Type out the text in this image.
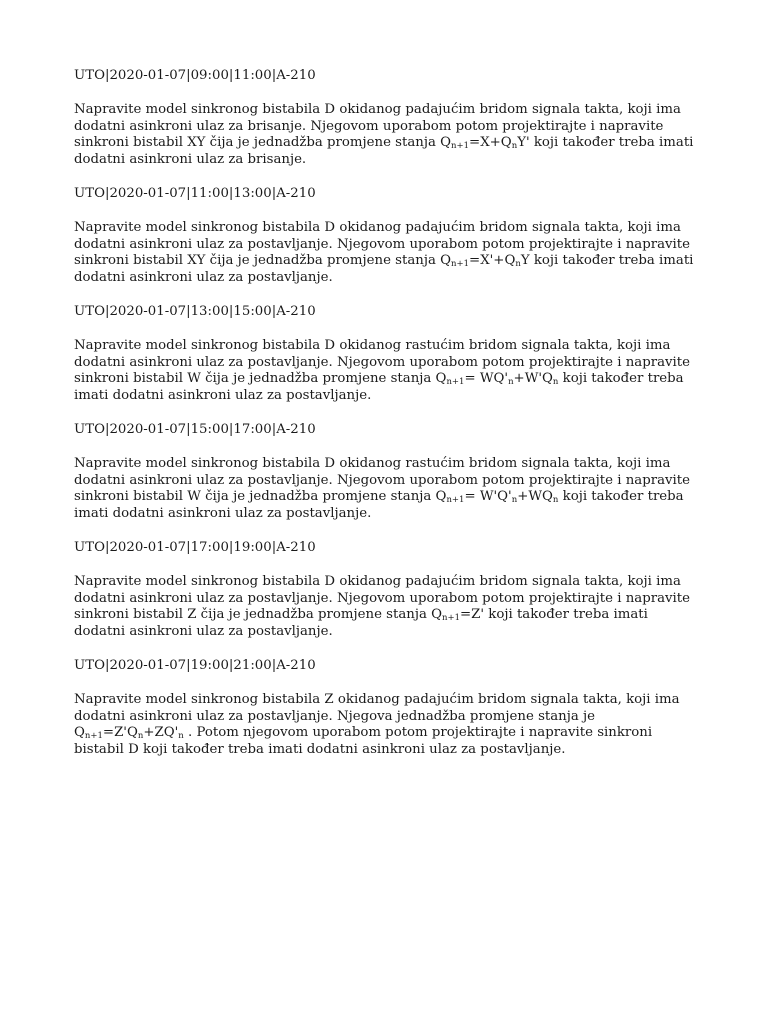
UTO|2020-01-07|09:00|11:00|A-210
Napravite model sinkronog bistabila D okidanog padajućim bridom signala takta, koji ima dodatni asinkroni ulaz za brisanje. Njegovom uporabom potom projektirajte i napravite sinkroni bistabil XY čija je jednadžba promjene stanja $Q_{n+1}=X+Q_nY'$ koji također treba imati dodatni asinkroni ulaz za brisanje.
UTO|2020-01-07|11:00|13:00|A-210
Napravite model sinkronog bistabila D okidanog padajućim bridom signala takta, koji ima dodatni asinkroni ulaz za postavljanje. Njegovom uporabom potom projektirajte i napravite sinkroni bistabil XY čija je jednadžba promjene stanja $Q_{n+1}=X'+Q_nY$ koji također treba imati dodatni asinkroni ulaz za postavljanje.
UTO|2020-01-07|13:00|15:00|A-210
Napravite model sinkronog bistabila D okidanog rastućim bridom signala takta, koji ima dodatni asinkroni ulaz za postavljanje. Njegovom uporabom potom projektirajte i napravite sinkroni bistabil W čija je jednadžba promjene stanja $Q_{n+1}= WQ'_n+W'Q_n$ koji također treba imati dodatni asinkroni ulaz za postavljanje.
UTO|2020-01-07|15:00|17:00|A-210
Napravite model sinkronog bistabila D okidanog rastućim bridom signala takta, koji ima dodatni asinkroni ulaz za postavljanje. Njegovom uporabom potom projektirajte i napravite sinkroni bistabil W čija je jednadžba promjene stanja $Q_{n+1}= W'Q'_n+WQ_n$ koji također treba imati dodatni asinkroni ulaz za postavljanje.
UTO|2020-01-07|17:00|19:00|A-210
Napravite model sinkronog bistabila D okidanog padajućim bridom signala takta, koji ima dodatni asinkroni ulaz za postavljanje. Njegovom uporabom potom projektirajte i napravite sinkroni bistabil Z čija je jednadžba promjene stanja $Q_{n+1}=Z'$ koji također treba imati dodatni asinkroni ulaz za postavljanje.
UTO|2020-01-07|19:00|21:00|A-210
Napravite model sinkronog bistabila Z okidanog padajućim bridom signala takta, koji ima dodatni asinkroni ulaz za postavljanje. Njegova jednadžba promjene stanja je $Q_{n+1}=Z'Q_n+ZQ'_n$ . Potom njegovom uporabom potom projektirajte i napravite sinkroni bistabil D koji također treba imati dodatni asinkroni ulaz za postavljanje.
